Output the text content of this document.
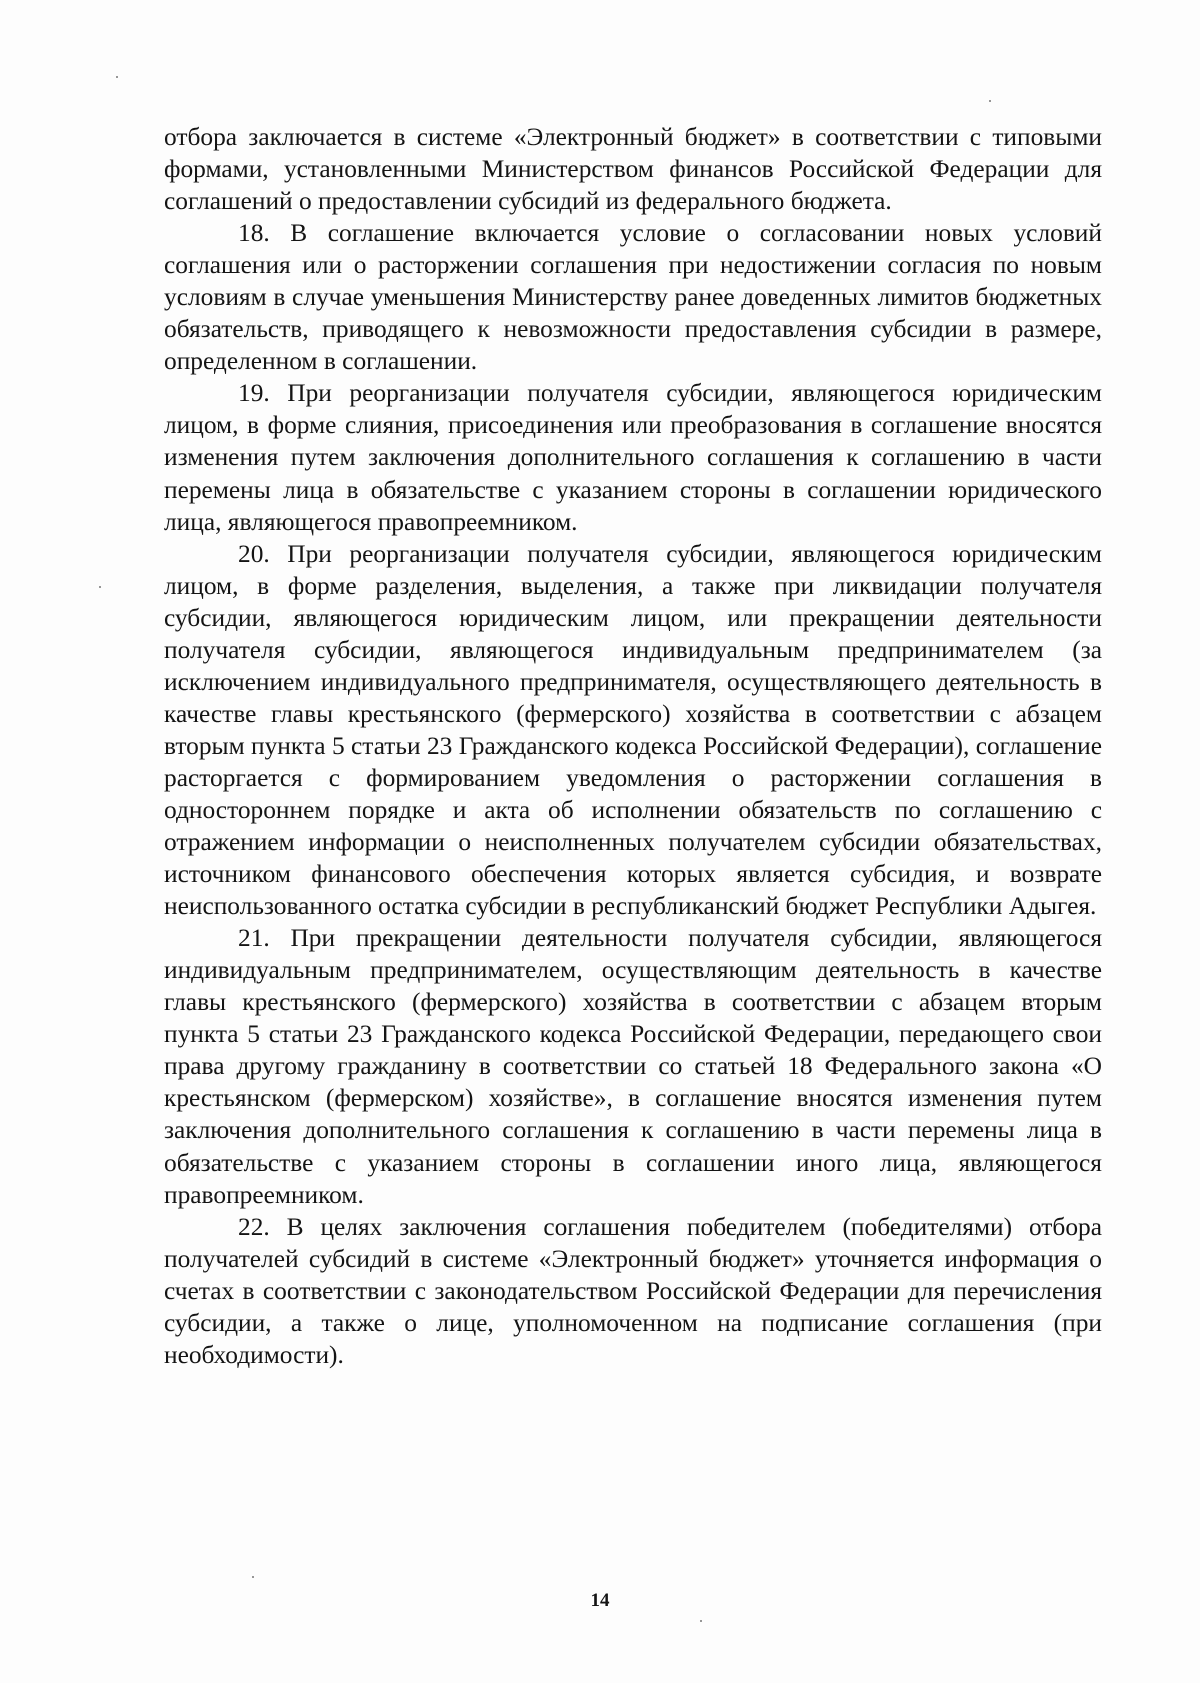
отбора заключается в системе «Электронный бюджет» в соответствии с типовыми формами, установленными Министерством финансов Российской Федерации для соглашений о предоставлении субсидий из федерального бюджета.

18. В соглашение включается условие о согласовании новых условий соглашения или о расторжении соглашения при недостижении согласия по новым условиям в случае уменьшения Министерству ранее доведенных лимитов бюджетных обязательств, приводящего к невозможности предоставления субсидии в размере, определенном в соглашении.

19. При реорганизации получателя субсидии, являющегося юридическим лицом, в форме слияния, присоединения или преобразования в соглашение вносятся изменения путем заключения дополнительного соглашения к соглашению в части перемены лица в обязательстве с указанием стороны в соглашении юридического лица, являющегося правопреемником.

20. При реорганизации получателя субсидии, являющегося юридическим лицом, в форме разделения, выделения, а также при ликвидации получателя субсидии, являющегося юридическим лицом, или прекращении деятельности получателя субсидии, являющегося индивидуальным предпринимателем (за исключением индивидуального предпринимателя, осуществляющего деятельность в качестве главы крестьянского (фермерского) хозяйства в соответствии с абзацем вторым пункта 5 статьи 23 Гражданского кодекса Российской Федерации), соглашение расторгается с формированием уведомления о расторжении соглашения в одностороннем порядке и акта об исполнении обязательств по соглашению с отражением информации о неисполненных получателем субсидии обязательствах, источником финансового обеспечения которых является субсидия, и возврате неиспользованного остатка субсидии в республиканский бюджет Республики Адыгея.

21. При прекращении деятельности получателя субсидии, являющегося индивидуальным предпринимателем, осуществляющим деятельность в качестве главы крестьянского (фермерского) хозяйства в соответствии с абзацем вторым пункта 5 статьи 23 Гражданского кодекса Российской Федерации, передающего свои права другому гражданину в соответствии со статьей 18 Федерального закона «О крестьянском (фермерском) хозяйстве», в соглашение вносятся изменения путем заключения дополнительного соглашения к соглашению в части перемены лица в обязательстве с указанием стороны в соглашении иного лица, являющегося правопреемником.

22. В целях заключения соглашения победителем (победителями) отбора получателей субсидий в системе «Электронный бюджет» уточняется информация о счетах в соответствии с законодательством Российской Федерации для перечисления субсидии, а также о лице, уполномоченном на подписание соглашения (при необходимости).

14
